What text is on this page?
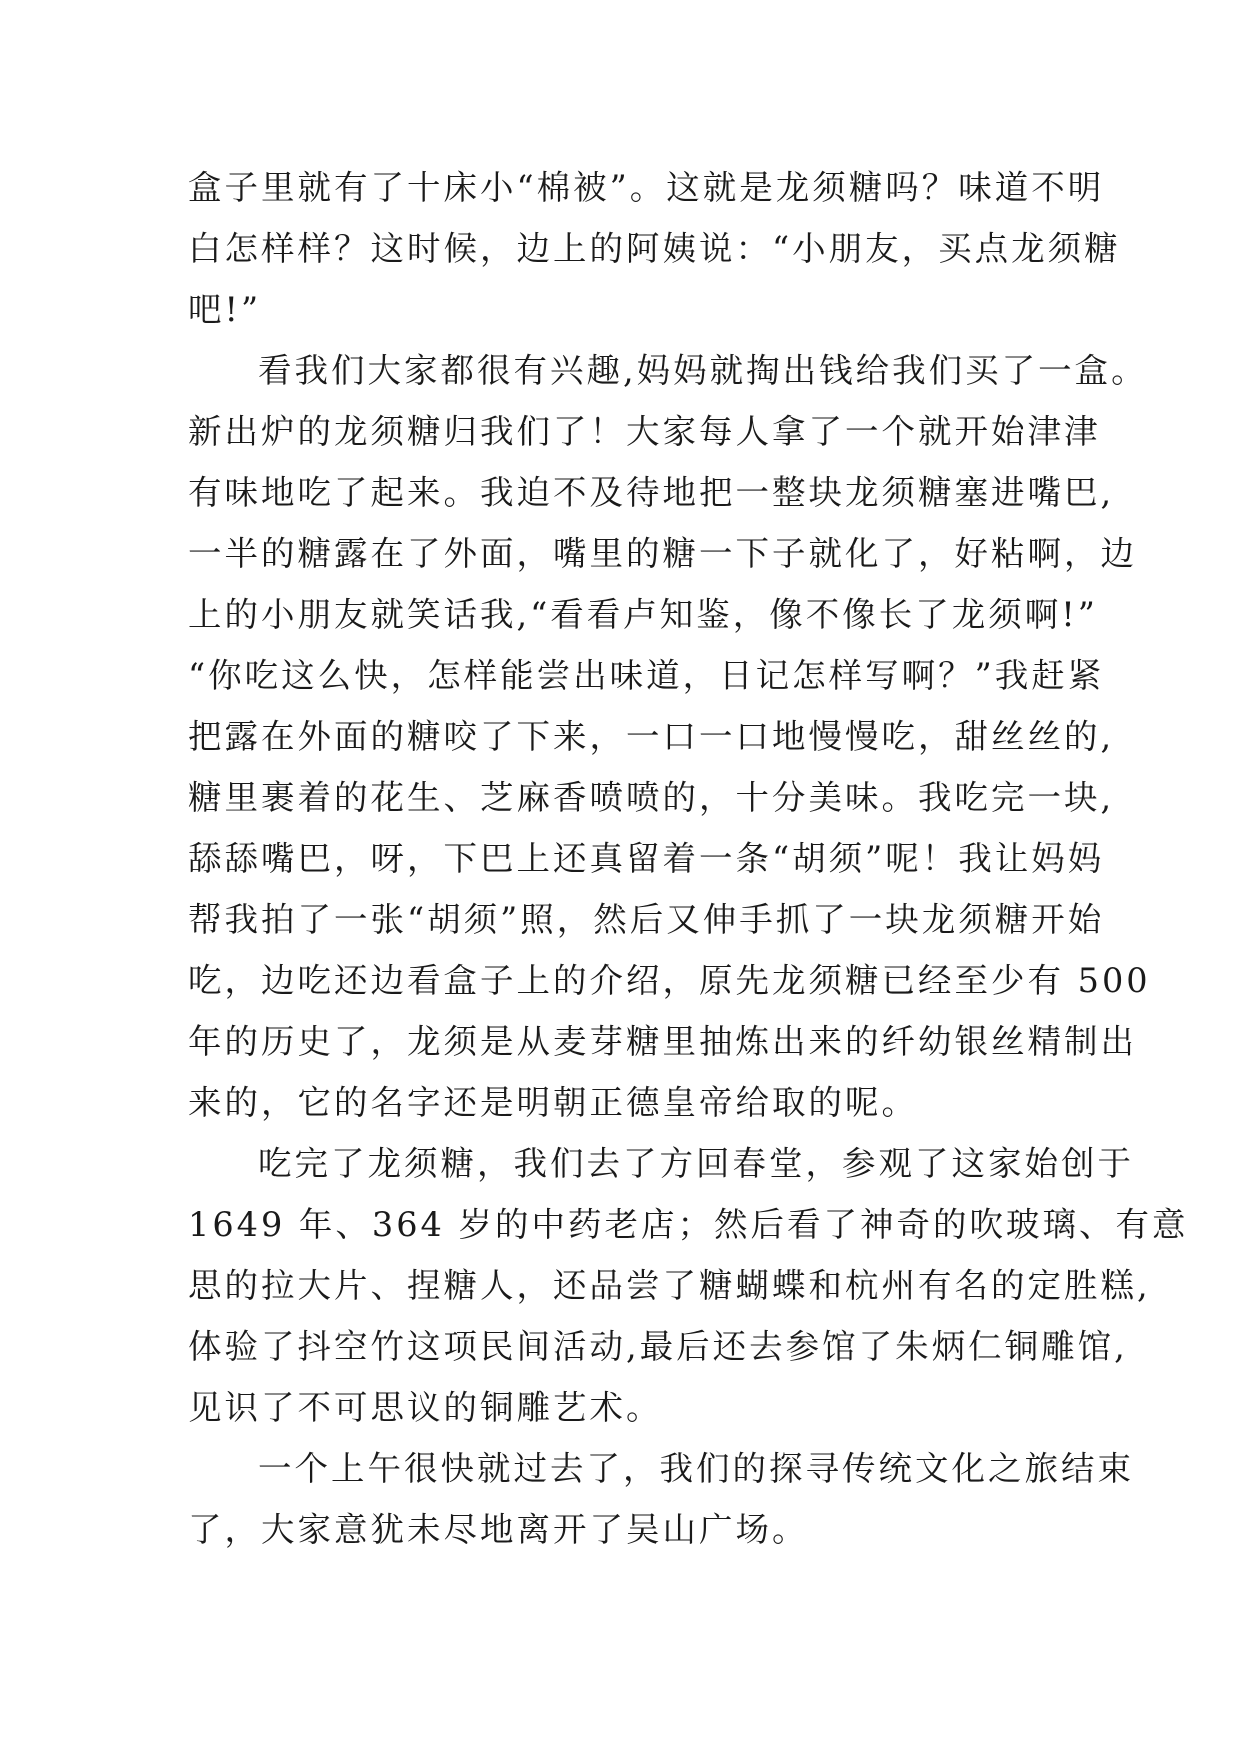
盒子里就有了十床小“棉被”。这就是龙须糖吗？味道不明
白怎样样？这时候，边上的阿姨说：“小朋友，买点龙须糖
吧!”
看我们大家都很有兴趣,妈妈就掏出钱给我们买了一盒。
新出炉的龙须糖归我们了！大家每人拿了一个就开始津津
有味地吃了起来。我迫不及待地把一整块龙须糖塞进嘴巴,
一半的糖露在了外面，嘴里的糖一下子就化了，好粘啊，边
上的小朋友就笑话我,“看看卢知鉴，像不像长了龙须啊!”
“你吃这么快，怎样能尝出味道，日记怎样写啊？”我赶紧
把露在外面的糖咬了下来，一口一口地慢慢吃，甜丝丝的,
糖里裹着的花生、芝麻香喷喷的，十分美味。我吃完一块,
舔舔嘴巴，呀，下巴上还真留着一条“胡须”呢！我让妈妈
帮我拍了一张“胡须”照，然后又伸手抓了一块龙须糖开始
吃，边吃还边看盒子上的介绍，原先龙须糖已经至少有 500
年的历史了，龙须是从麦芽糖里抽炼出来的纤幼银丝精制出
来的，它的名字还是明朝正德皇帝给取的呢。
吃完了龙须糖，我们去了方回春堂，参观了这家始创于
1649 年、364 岁的中药老店；然后看了神奇的吹玻璃、有意
思的拉大片、捏糖人，还品尝了糖蝴蝶和杭州有名的定胜糕,
体验了抖空竹这项民间活动,最后还去参馆了朱炳仁铜雕馆,
见识了不可思议的铜雕艺术。
一个上午很快就过去了，我们的探寻传统文化之旅结束
了，大家意犹未尽地离开了吴山广场。
